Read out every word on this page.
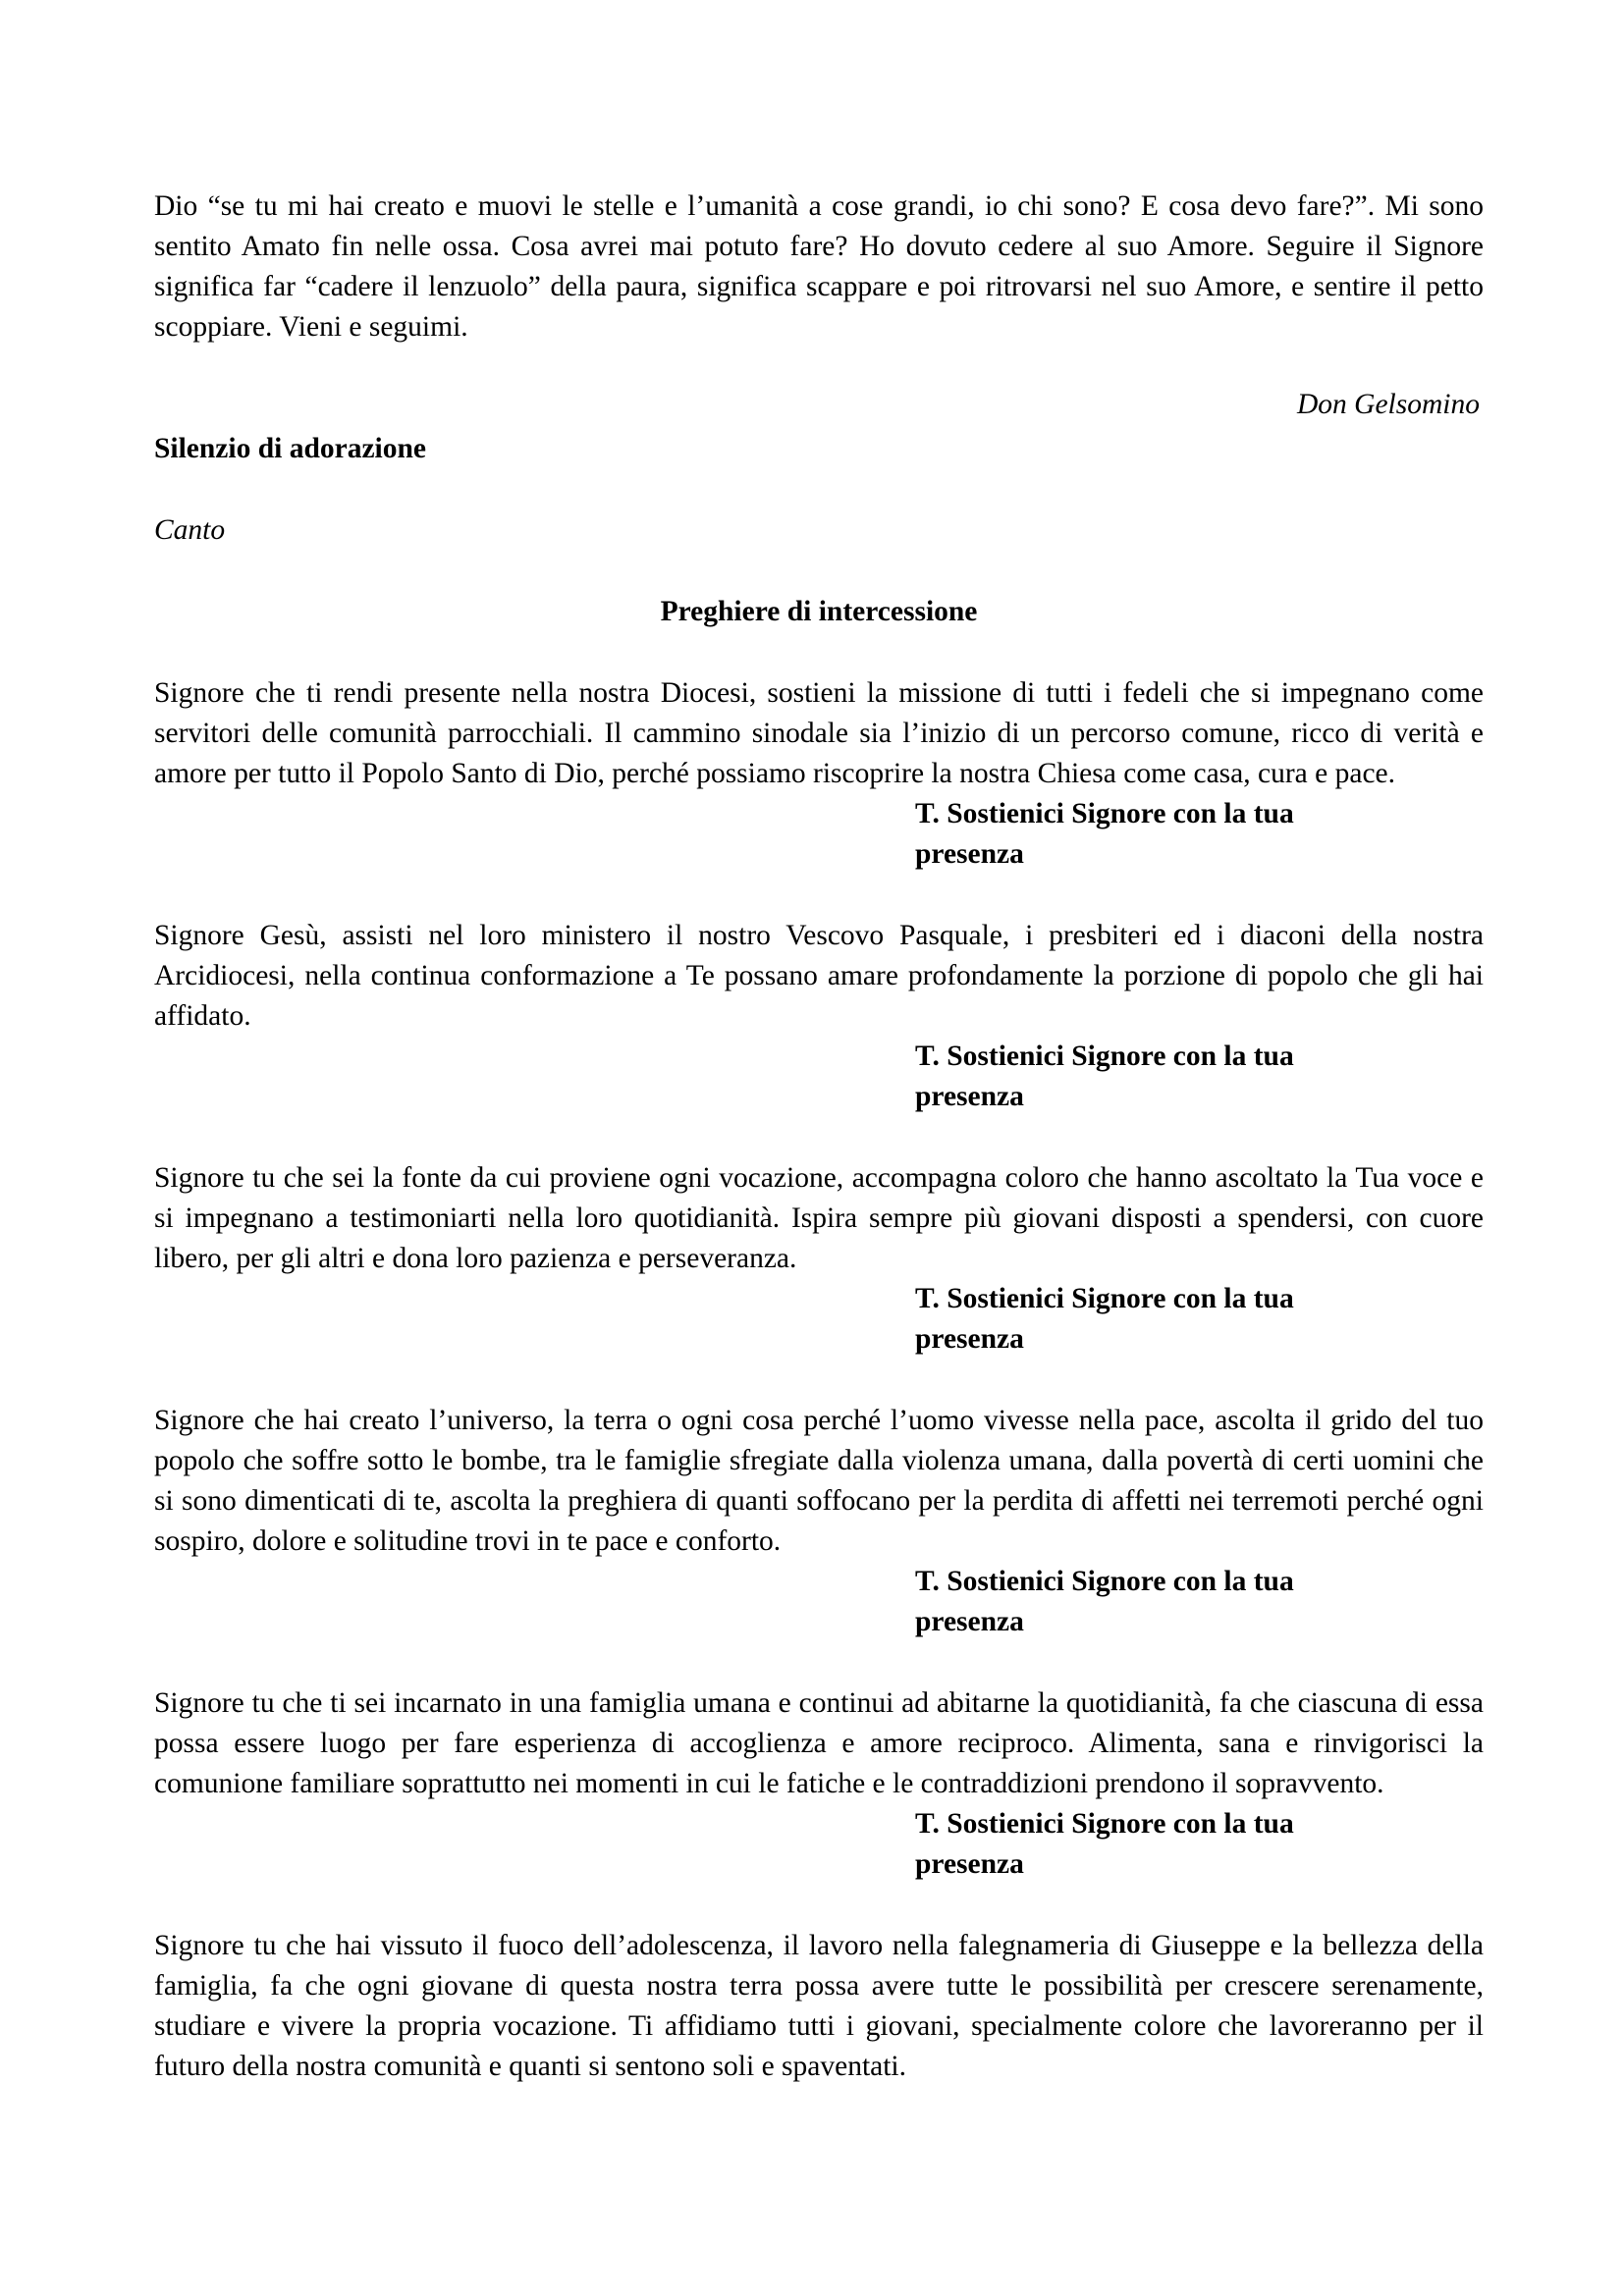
Dio “se tu mi hai creato e muovi le stelle e l’umanità a cose grandi, io chi sono? E cosa devo fare?”. Mi sono sentito Amato fin nelle ossa. Cosa avrei mai potuto fare? Ho dovuto cedere al suo Amore. Seguire il Signore significa far “cadere il lenzuolo” della paura, significa scappare e poi ritrovarsi nel suo Amore, e sentire il petto scoppiare. Vieni e seguimi.

Don Gelsomino

Silenzio di adorazione

Canto

Preghiere di intercessione

Signore che ti rendi presente nella nostra Diocesi, sostieni la missione di tutti i fedeli che si impegnano come servitori delle comunità parrocchiali. Il cammino sinodale sia l’inizio di un percorso comune, ricco di verità e amore per tutto il Popolo Santo di Dio, perché possiamo riscoprire la nostra Chiesa come casa, cura e pace.

T. Sostienici Signore con la tua presenza

Signore Gesù, assisti nel loro ministero il nostro Vescovo Pasquale, i presbiteri ed i diaconi della nostra Arcidiocesi, nella continua conformazione a Te possano amare profondamente la porzione di popolo che gli hai affidato.

T. Sostienici Signore con la tua presenza

Signore tu che sei la fonte da cui proviene ogni vocazione, accompagna coloro che hanno ascoltato la Tua voce e si impegnano a testimoniarti nella loro quotidianità. Ispira sempre più giovani disposti a spendersi, con cuore libero, per gli altri e dona loro pazienza e perseveranza.

T. Sostienici Signore con la tua presenza

Signore che hai creato l’universo, la terra o ogni cosa perché l’uomo vivesse nella pace, ascolta il grido del tuo popolo che soffre sotto le bombe, tra le famiglie sfregiate dalla violenza umana, dalla povertà di certi uomini che si sono dimenticati di te, ascolta la preghiera di quanti soffocano per la perdita di affetti nei terremoti perché ogni sospiro, dolore e solitudine trovi in te pace e conforto.

T. Sostienici Signore con la tua presenza

Signore tu che ti sei incarnato in una famiglia umana e continui ad abitarne la quotidianità, fa che ciascuna di essa possa essere luogo per fare esperienza di accoglienza e amore reciproco. Alimenta, sana e rinvigorisci la comunione familiare soprattutto nei momenti in cui le fatiche e le contraddizioni prendono il sopravvento.

T. Sostienici Signore con la tua presenza

Signore tu che hai vissuto il fuoco dell’adolescenza, il lavoro nella falegnameria di Giuseppe e la bellezza della famiglia, fa che ogni giovane di questa nostra terra possa avere tutte le possibilità per crescere serenamente, studiare e vivere la propria vocazione. Ti affidiamo tutti i giovani, specialmente colore che lavoreranno per il futuro della nostra comunità e quanti si sentono soli e spaventati.
